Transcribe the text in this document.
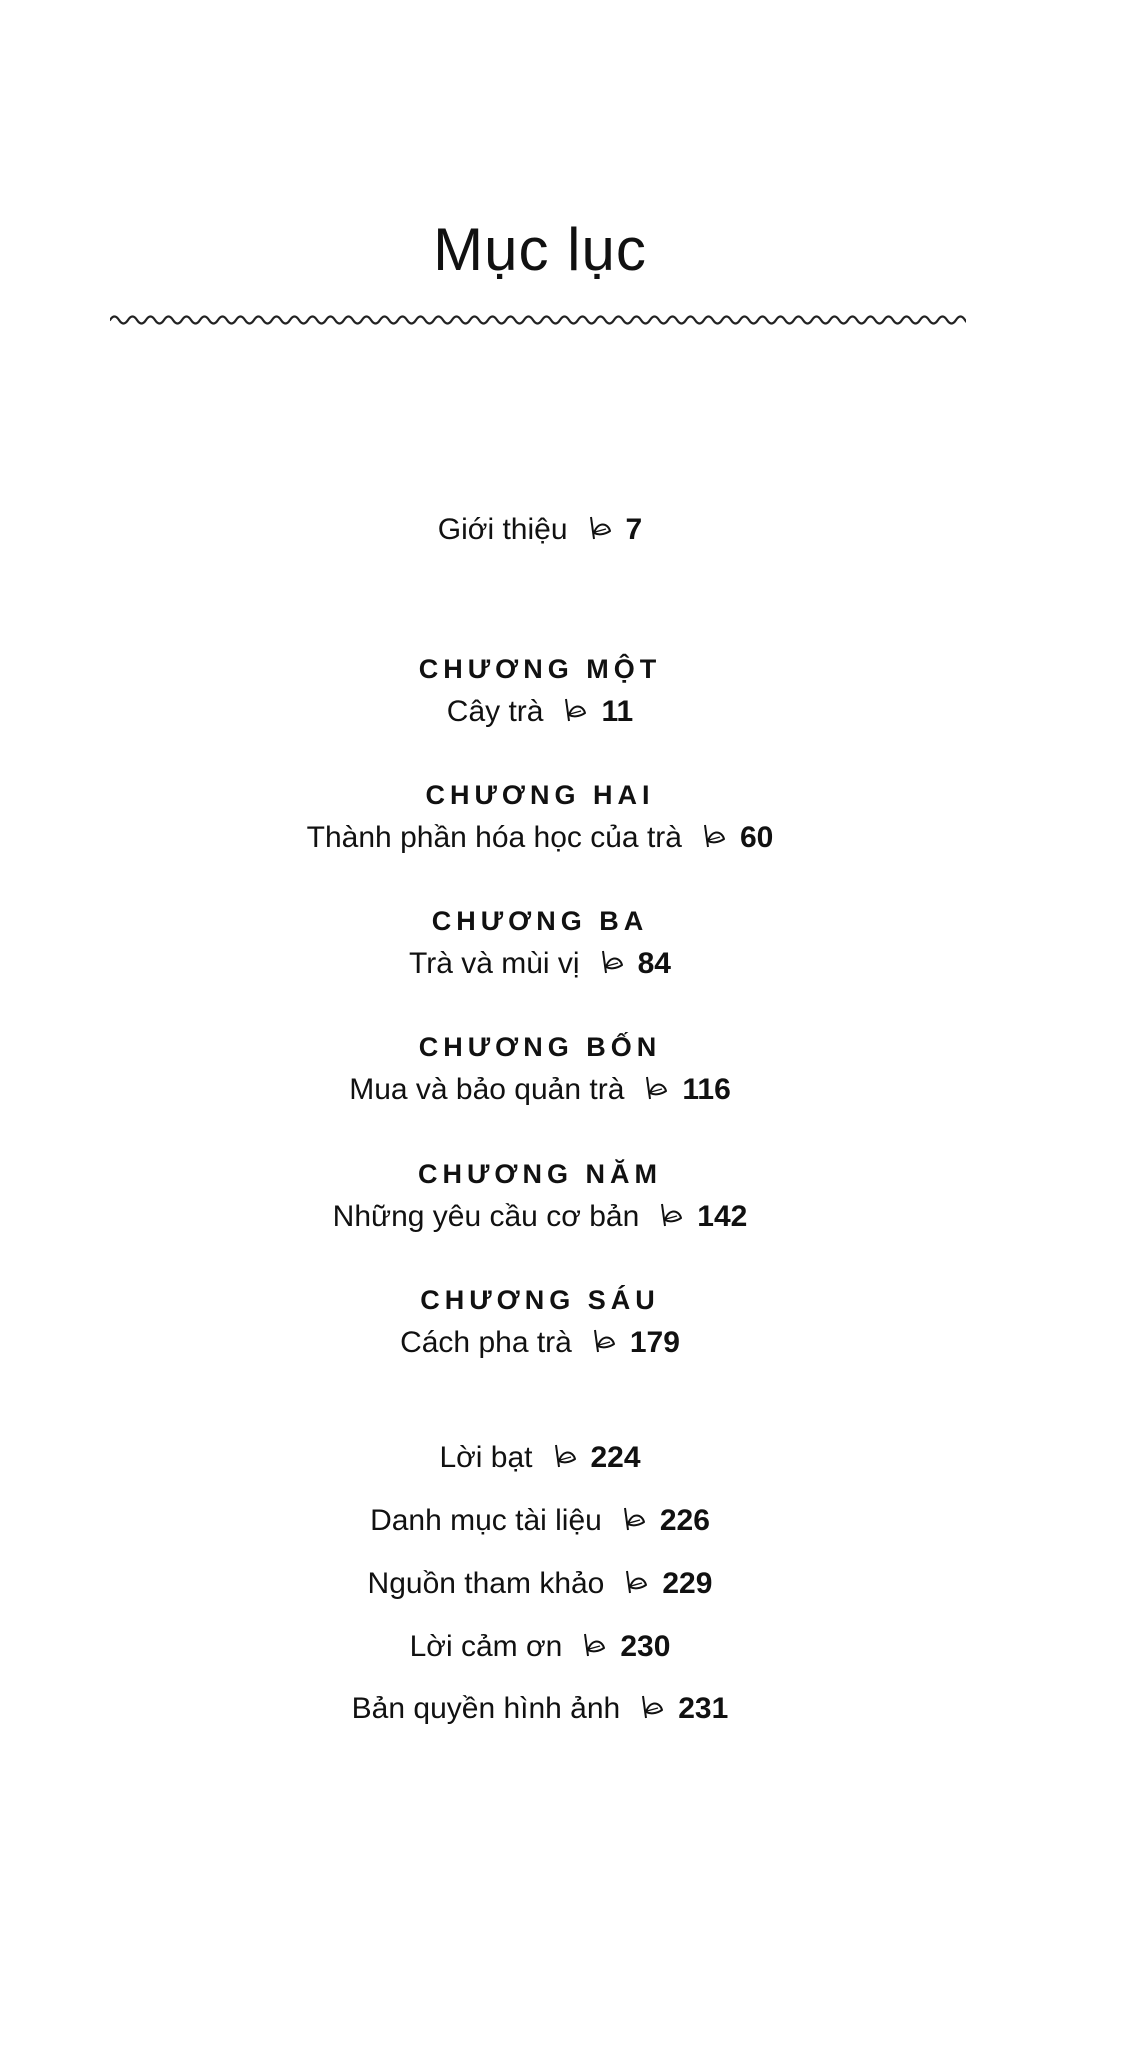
Mục lục
Giới thiệu 7
CHƯƠNG MỘT
Cây trà 11
CHƯƠNG HAI
Thành phần hóa học của trà 60
CHƯƠNG BA
Trà và mùi vị 84
CHƯƠNG BỐN
Mua và bảo quản trà 116
CHƯƠNG NĂM
Những yêu cầu cơ bản 142
CHƯƠNG SÁU
Cách pha trà 179
Lời bạt 224
Danh mục tài liệu 226
Nguồn tham khảo 229
Lời cảm ơn 230
Bản quyền hình ảnh 231
